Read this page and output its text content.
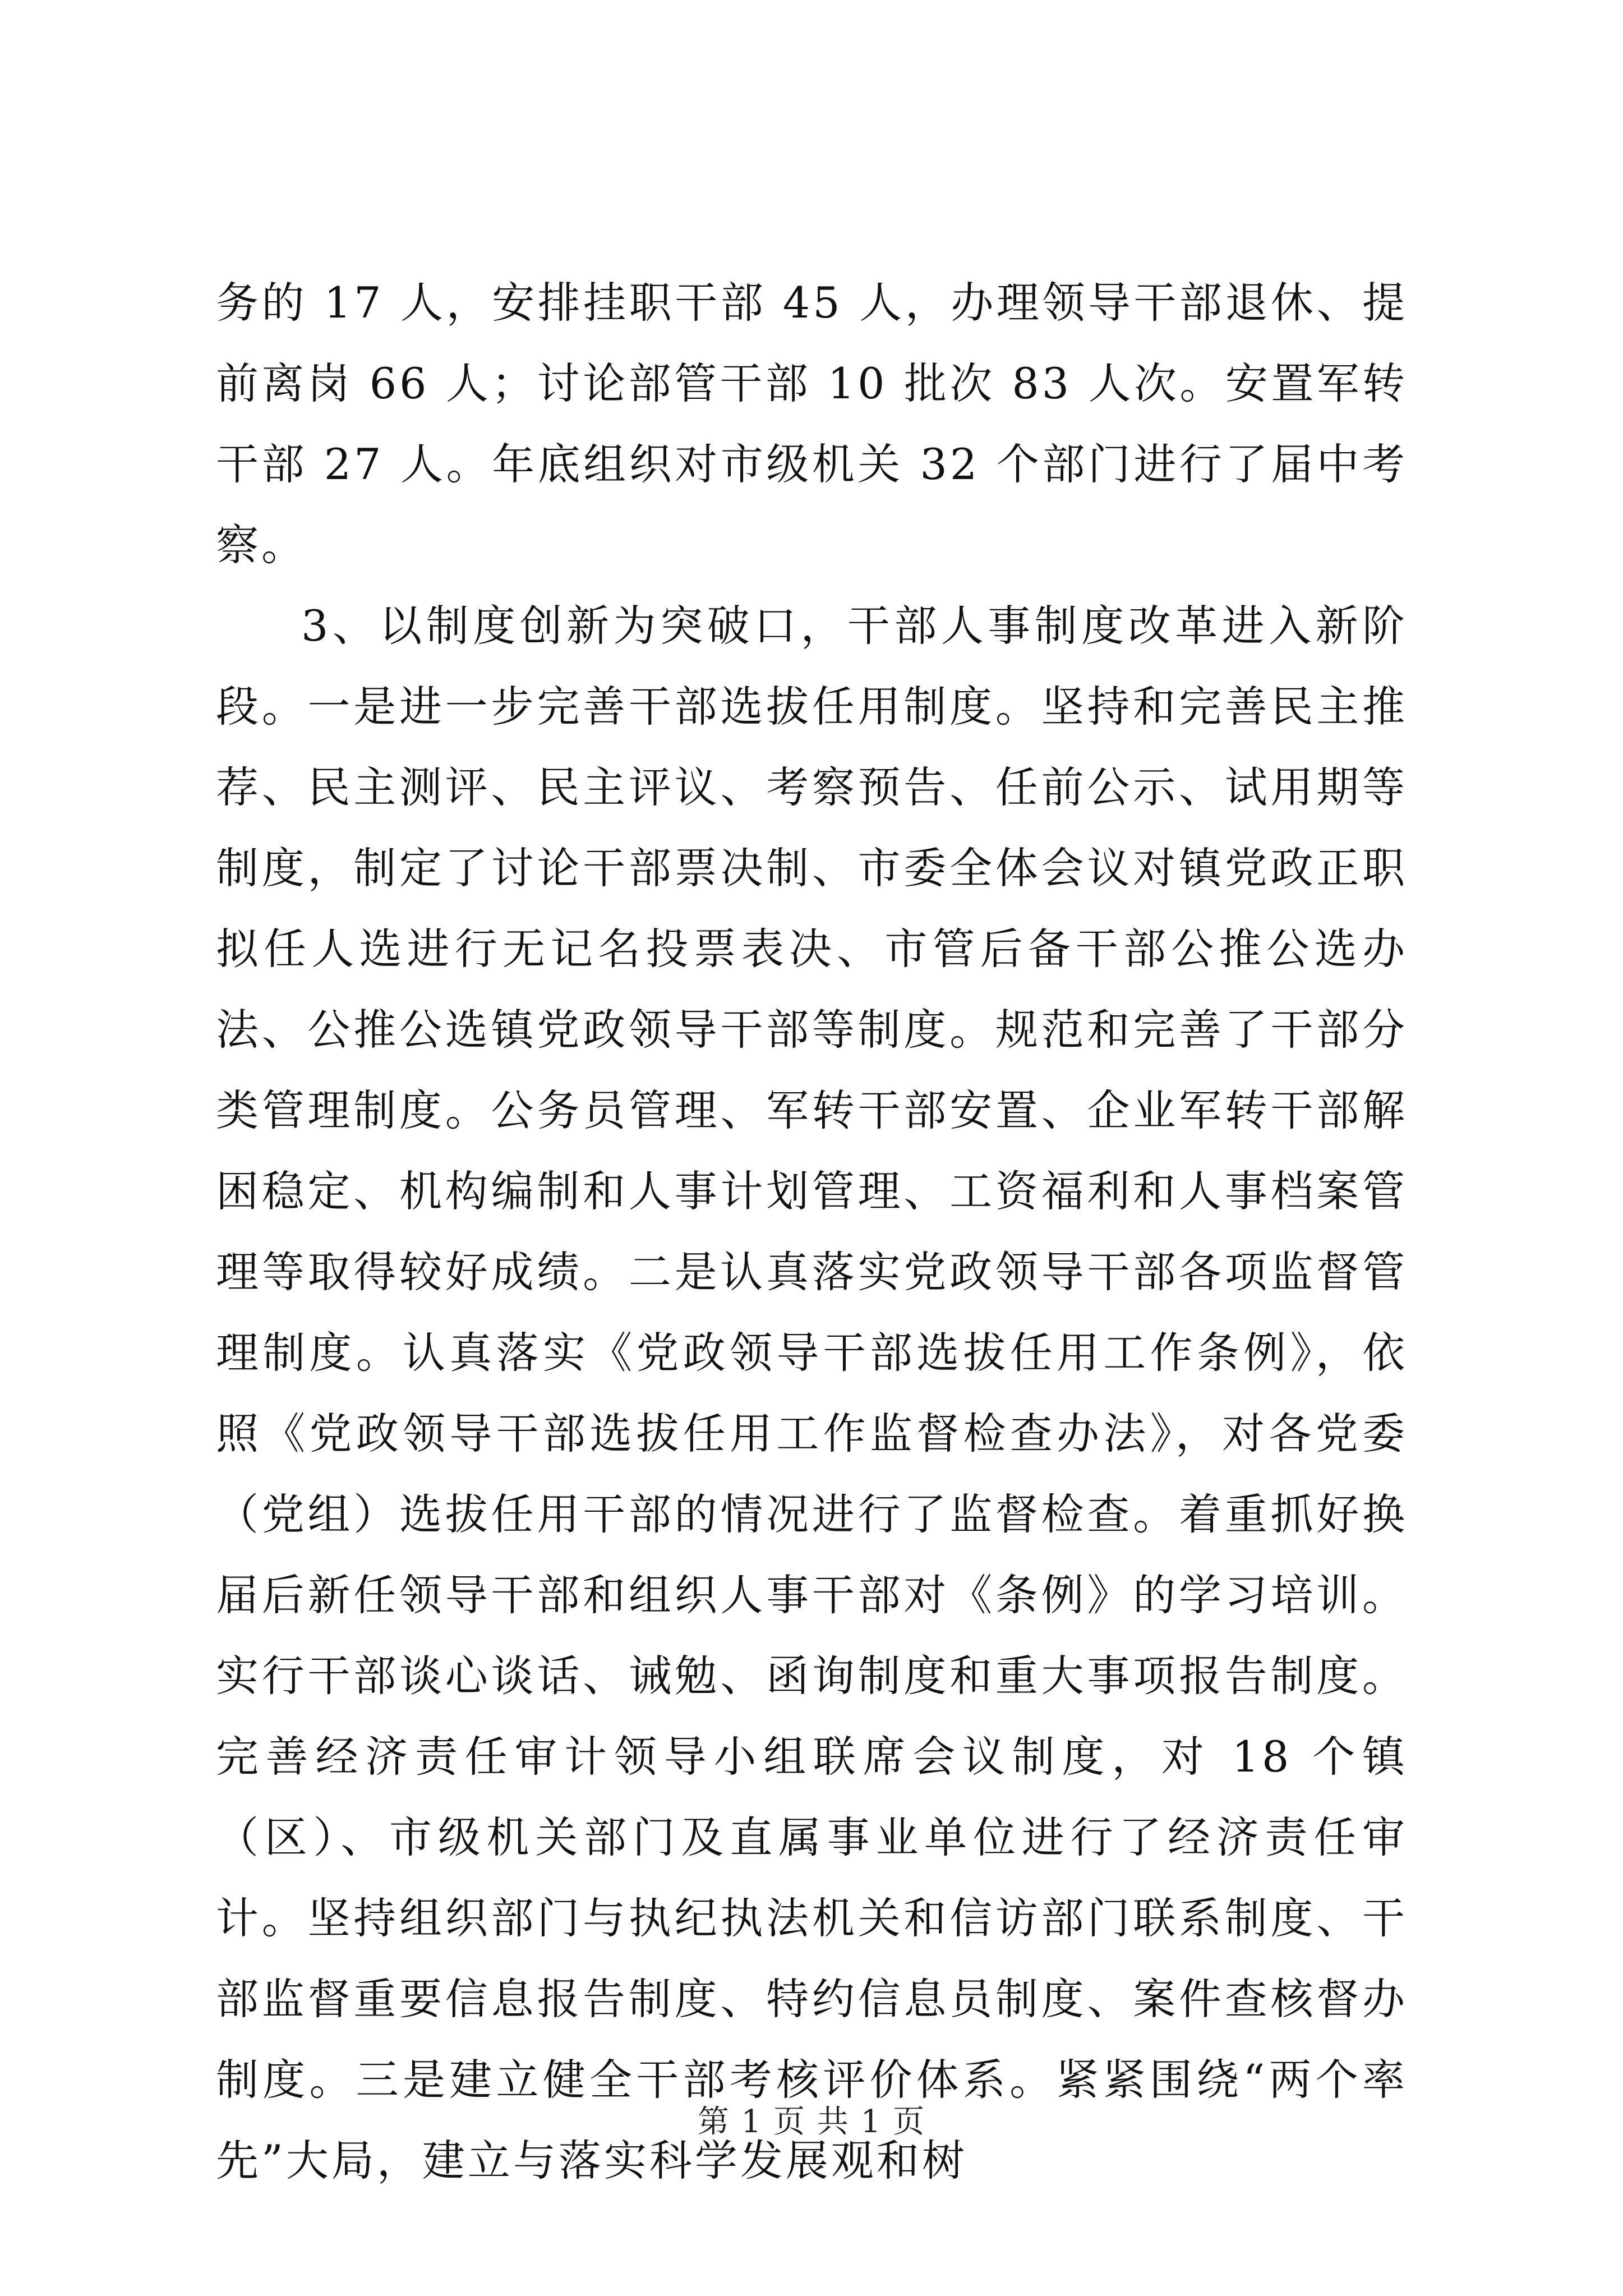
务的 17 人，安排挂职干部 45 人，办理领导干部退休、提前离岗 66 人；讨论部管干部 10 批次 83 人次。安置军转干部 27 人。年底组织对市级机关 32 个部门进行了届中考察。

3、以制度创新为突破口，干部人事制度改革进入新阶段。一是进一步完善干部选拔任用制度。坚持和完善民主推荐、民主测评、民主评议、考察预告、任前公示、试用期等制度，制定了讨论干部票决制、市委全体会议对镇党政正职拟任人选进行无记名投票表决、市管后备干部公推公选办法、公推公选镇党政领导干部等制度。规范和完善了干部分类管理制度。公务员管理、军转干部安置、企业军转干部解困稳定、机构编制和人事计划管理、工资福利和人事档案管理等取得较好成绩。二是认真落实党政领导干部各项监督管理制度。认真落实《党政领导干部选拔任用工作条例》，依照《党政领导干部选拔任用工作监督检查办法》，对各党委（党组）选拔任用干部的情况进行了监督检查。着重抓好换届后新任领导干部和组织人事干部对《条例》的学习培训。实行干部谈心谈话、诫勉、函询制度和重大事项报告制度。完善经济责任审计领导小组联席会议制度，对 18 个镇（区）、市级机关部门及直属事业单位进行了经济责任审计。坚持组织部门与执纪执法机关和信访部门联系制度、干部监督重要信息报告制度、特约信息员制度、案件查核督办制度。三是建立健全干部考核评价体系。紧紧围绕“两个率先”大局，建立与落实科学发展观和树

第 1 页 共 1 页
